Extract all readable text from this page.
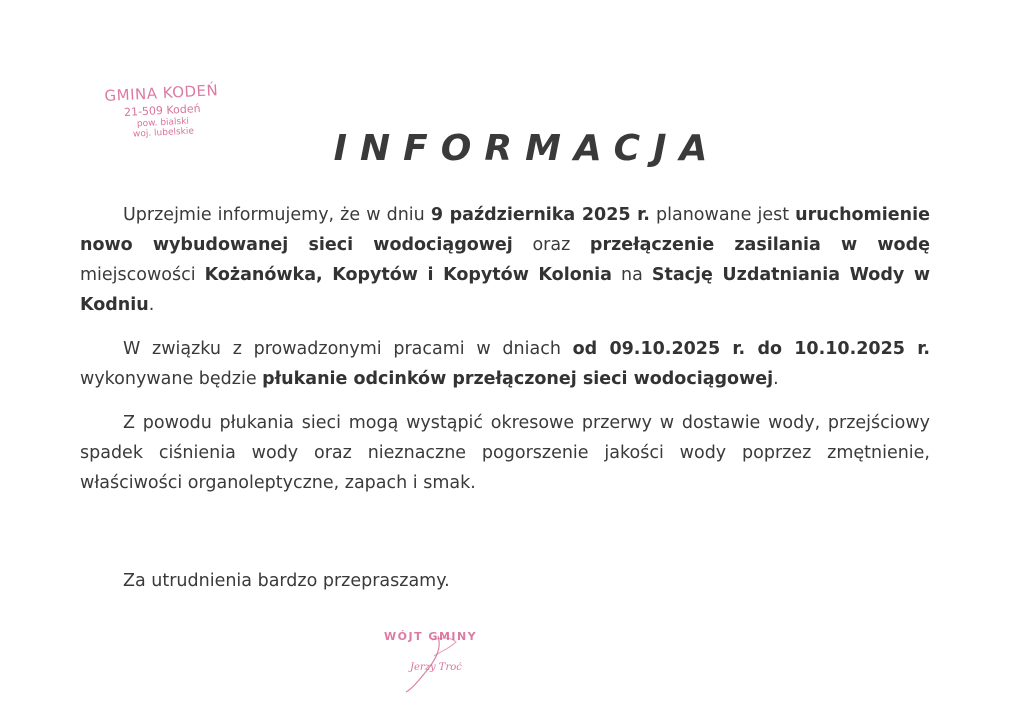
GMINA KODEŃ
21-509 Kodeń
pow. bialski
woj. lubelskie	INFORMACJA

Uprzejmie informujemy, że w dniu 9 października 2025 r. planowane jest uruchomienie nowo wybudowanej sieci wodociągowej oraz przełączenie zasilania w wodę miejscowości Kożanówka, Kopytów i Kopytów Kolonia na Stację Uzdatniania Wody w Kodniu.

W związku z prowadzonymi pracami w dniach od 09.10.2025 r. do 10.10.2025 r. wykonywane będzie płukanie odcinków przełączonej sieci wodociągowej.

Z powodu płukania sieci mogą wystąpić okresowe przerwy w dostawie wody, przejściowy spadek ciśnienia wody oraz nieznaczne pogorszenie jakości wody poprzez zmętnienie, właściwości organoleptyczne, zapach i smak.

Za utrudnienia bardzo przepraszamy.
WÓJT GMINY
Jerzy Troć
